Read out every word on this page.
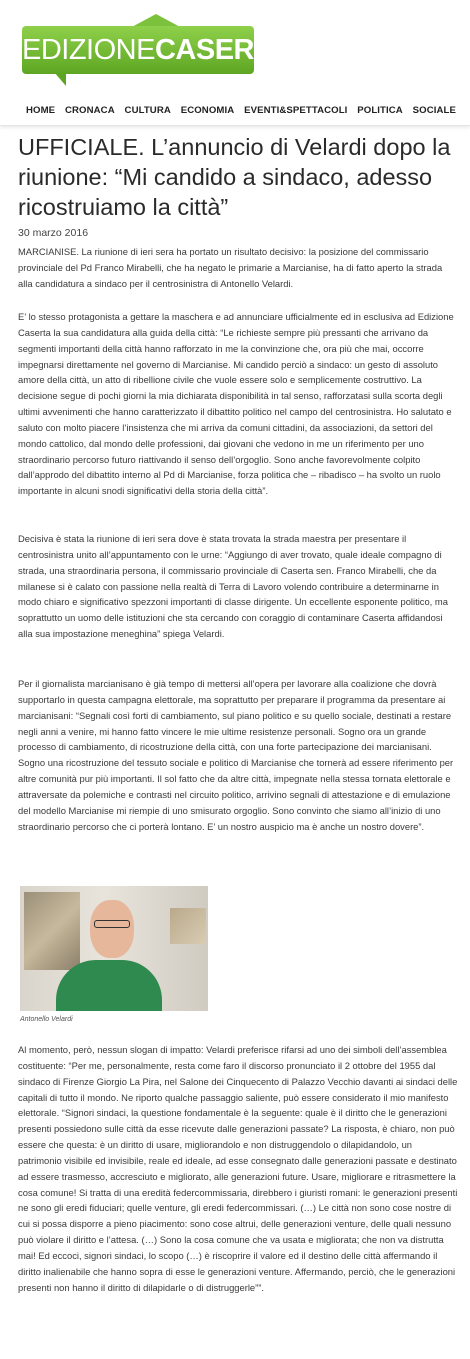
EDIZIONECASERTA
HOME CRONACA CULTURA ECONOMIA EVENTI&SPETTACOLI POLITICA SOCIALE
UFFICIALE. L’annuncio di Velardi dopo la riunione: “Mi candido a sindaco, adesso ricostruiamo la città”
30 marzo 2016

MARCIANISE. La riunione di ieri sera ha portato un risultato decisivo: la posizione del commissario provinciale del Pd Franco Mirabelli, che ha negato le primarie a Marcianise, ha di fatto aperto la strada alla candidatura a sindaco per il centrosinistra di Antonello Velardi.

E’ lo stesso protagonista a gettare la maschera e ad annunciare ufficialmente ed in esclusiva ad Edizione Caserta la sua candidatura alla guida della città: “Le richieste sempre più pressanti che arrivano da segmenti importanti della città hanno rafforzato in me la convinzione che, ora più che mai, occorre impegnarsi direttamente nel governo di Marcianise. Mi candido perciò a sindaco: un gesto di assoluto amore della città, un atto di ribellione civile che vuole essere solo e semplicemente costruttivo. La decisione segue di pochi giorni la mia dichiarata disponibilità in tal senso, rafforzatasi sulla scorta degli ultimi avvenimenti che hanno caratterizzato il dibattito politico nel campo del centrosinistra. Ho salutato e saluto con molto piacere l’insistenza che mi arriva da comuni cittadini, da associazioni, da settori del mondo cattolico, dal mondo delle professioni, dai giovani che vedono in me un riferimento per uno straordinario percorso futuro riattivando il senso dell’orgoglio. Sono anche favorevolmente colpito dall’approdo del dibattito interno al Pd di Marcianise, forza politica che – ribadisco – ha svolto un ruolo importante in alcuni snodi significativi della storia della città”.

Decisiva è stata la riunione di ieri sera dove è stata trovata la strada maestra per presentare il centrosinistra unito all’appuntamento con le urne: “Aggiungo di aver trovato, quale ideale compagno di strada, una straordinaria persona, il commissario provinciale di Caserta sen. Franco Mirabelli, che da milanese si è calato con passione nella realtà di Terra di Lavoro volendo contribuire a determinarne in modo chiaro e significativo spezzoni importanti di classe dirigente. Un eccellente esponente politico, ma soprattutto un uomo delle istituzioni che sta cercando con coraggio di contaminare Caserta affidandosi alla sua impostazione meneghina” spiega Velardi.

Per il giornalista marcianisano è già tempo di mettersi all’opera per lavorare alla coalizione che dovrà supportarlo in questa campagna elettorale, ma soprattutto per preparare il programma da presentare ai marcianisani: “Segnali così forti di cambiamento, sul piano politico e su quello sociale, destinati a restare negli anni a venire, mi hanno fatto vincere le mie ultime resistenze personali. Sogno ora un grande processo di cambiamento, di ricostruzione della città, con una forte partecipazione dei marcianisani. Sogno una ricostruzione del tessuto sociale e politico di Marcianise che tornerà ad essere riferimento per altre comunità pur più importanti. Il sol fatto che da altre città, impegnate nella stessa tornata elettorale e attraversate da polemiche e contrasti nel circuito politico, arrivino segnali di attestazione e di emulazione del modello Marcianise mi riempie di uno smisurato orgoglio. Sono convinto che siamo all’inizio di uno straordinario percorso che ci porterà lontano. E’ un nostro auspicio ma è anche un nostro dovere”.

Antonello Velardi

Al momento, però, nessun slogan di impatto: Velardi preferisce rifarsi ad uno dei simboli dell’assemblea costituente: “Per me, personalmente, resta come faro il discorso pronunciato il 2 ottobre del 1955 dal sindaco di Firenze Giorgio La Pira, nel Salone dei Cinquecento di Palazzo Vecchio davanti ai sindaci delle capitali di tutto il mondo. Ne riporto qualche passaggio saliente, può essere considerato il mio manifesto elettorale. “Signori sindaci, la questione fondamentale è la seguente: quale è il diritto che le generazioni presenti possiedono sulle città da esse ricevute dalle generazioni passate? La risposta, è chiaro, non può essere che questa: è un diritto di usare, migliorandolo e non distruggendolo o dilapidandolo, un patrimonio visibile ed invisibile, reale ed ideale, ad esse consegnato dalle generazioni passate e destinato ad essere trasmesso, accresciuto e migliorato, alle generazioni future. Usare, migliorare e ritrasmettere la cosa comune! Si tratta di una eredità federcommissaria, direbbero i giuristi romani: le generazioni presenti ne sono gli eredi fiduciari; quelle venture, gli eredi federcommissari. (…) Le città non sono cose nostre di cui si possa disporre a pieno piacimento: sono cose altrui, delle generazioni venture, delle quali nessuno può violare il diritto e l’attesa. (…) Sono la cosa comune che va usata e migliorata; che non va distrutta mai! Ed eccoci, signori sindaci, lo scopo (…) è riscoprire il valore ed il destino delle città affermando il diritto inalienabile che hanno sopra di esse le generazioni venture. Affermando, perciò, che le generazioni presenti non hanno il diritto di dilapidarle o di distruggerle””.
